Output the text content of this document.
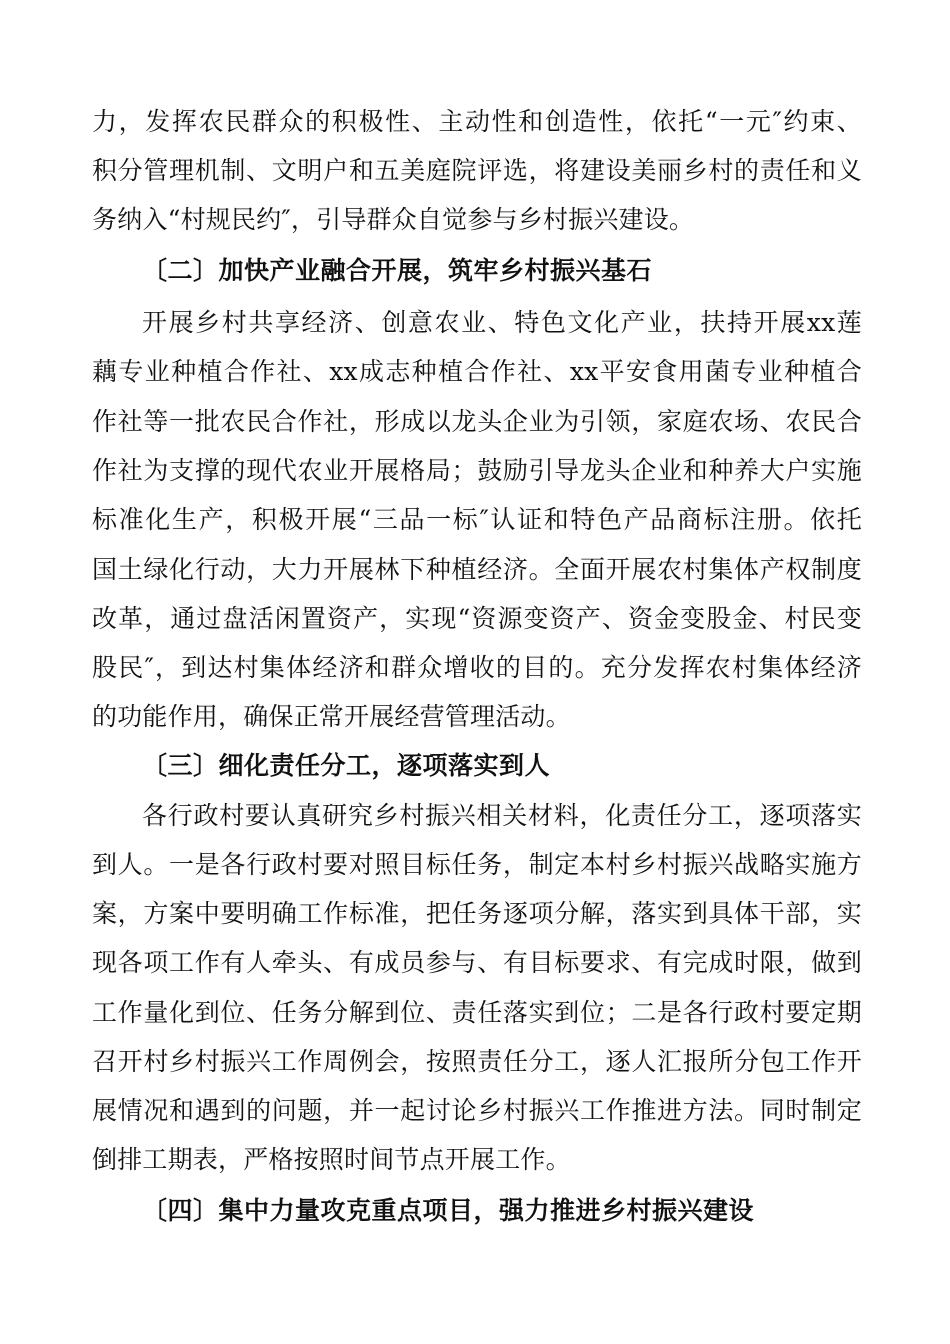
力，发挥农民群众的积极性、主动性和创造性，依托“一元″约束、
积分管理机制、文明户和五美庭院评选，将建设美丽乡村的责任和义
务纳入“村规民约″，引导群众自觉参与乡村振兴建设。
〔二〕加快产业融合开展，筑牢乡村振兴基石
开展乡村共享经济、创意农业、特色文化产业，扶持开展xx莲
藕专业种植合作社、xx成志种植合作社、xx平安食用菌专业种植合
作社等一批农民合作社，形成以龙头企业为引领，家庭农场、农民合
作社为支撑的现代农业开展格局；鼓励引导龙头企业和种养大户实施
标准化生产，积极开展“三品一标″认证和特色产品商标注册。依托
国土绿化行动，大力开展林下种植经济。全面开展农村集体产权制度
改革，通过盘活闲置资产，实现“资源变资产、资金变股金、村民变
股民″，到达村集体经济和群众增收的目的。充分发挥农村集体经济
的功能作用，确保正常开展经营管理活动。
〔三〕细化责任分工，逐项落实到人
各行政村要认真研究乡村振兴相关材料，化责任分工，逐项落实
到人。一是各行政村要对照目标任务，制定本村乡村振兴战略实施方
案，方案中要明确工作标准，把任务逐项分解，落实到具体干部，实
现各项工作有人牵头、有成员参与、有目标要求、有完成时限，做到
工作量化到位、任务分解到位、责任落实到位；二是各行政村要定期
召开村乡村振兴工作周例会，按照责任分工，逐人汇报所分包工作开
展情况和遇到的问题，并一起讨论乡村振兴工作推进方法。同时制定
倒排工期表，严格按照时间节点开展工作。
〔四〕集中力量攻克重点项目，强力推进乡村振兴建设
